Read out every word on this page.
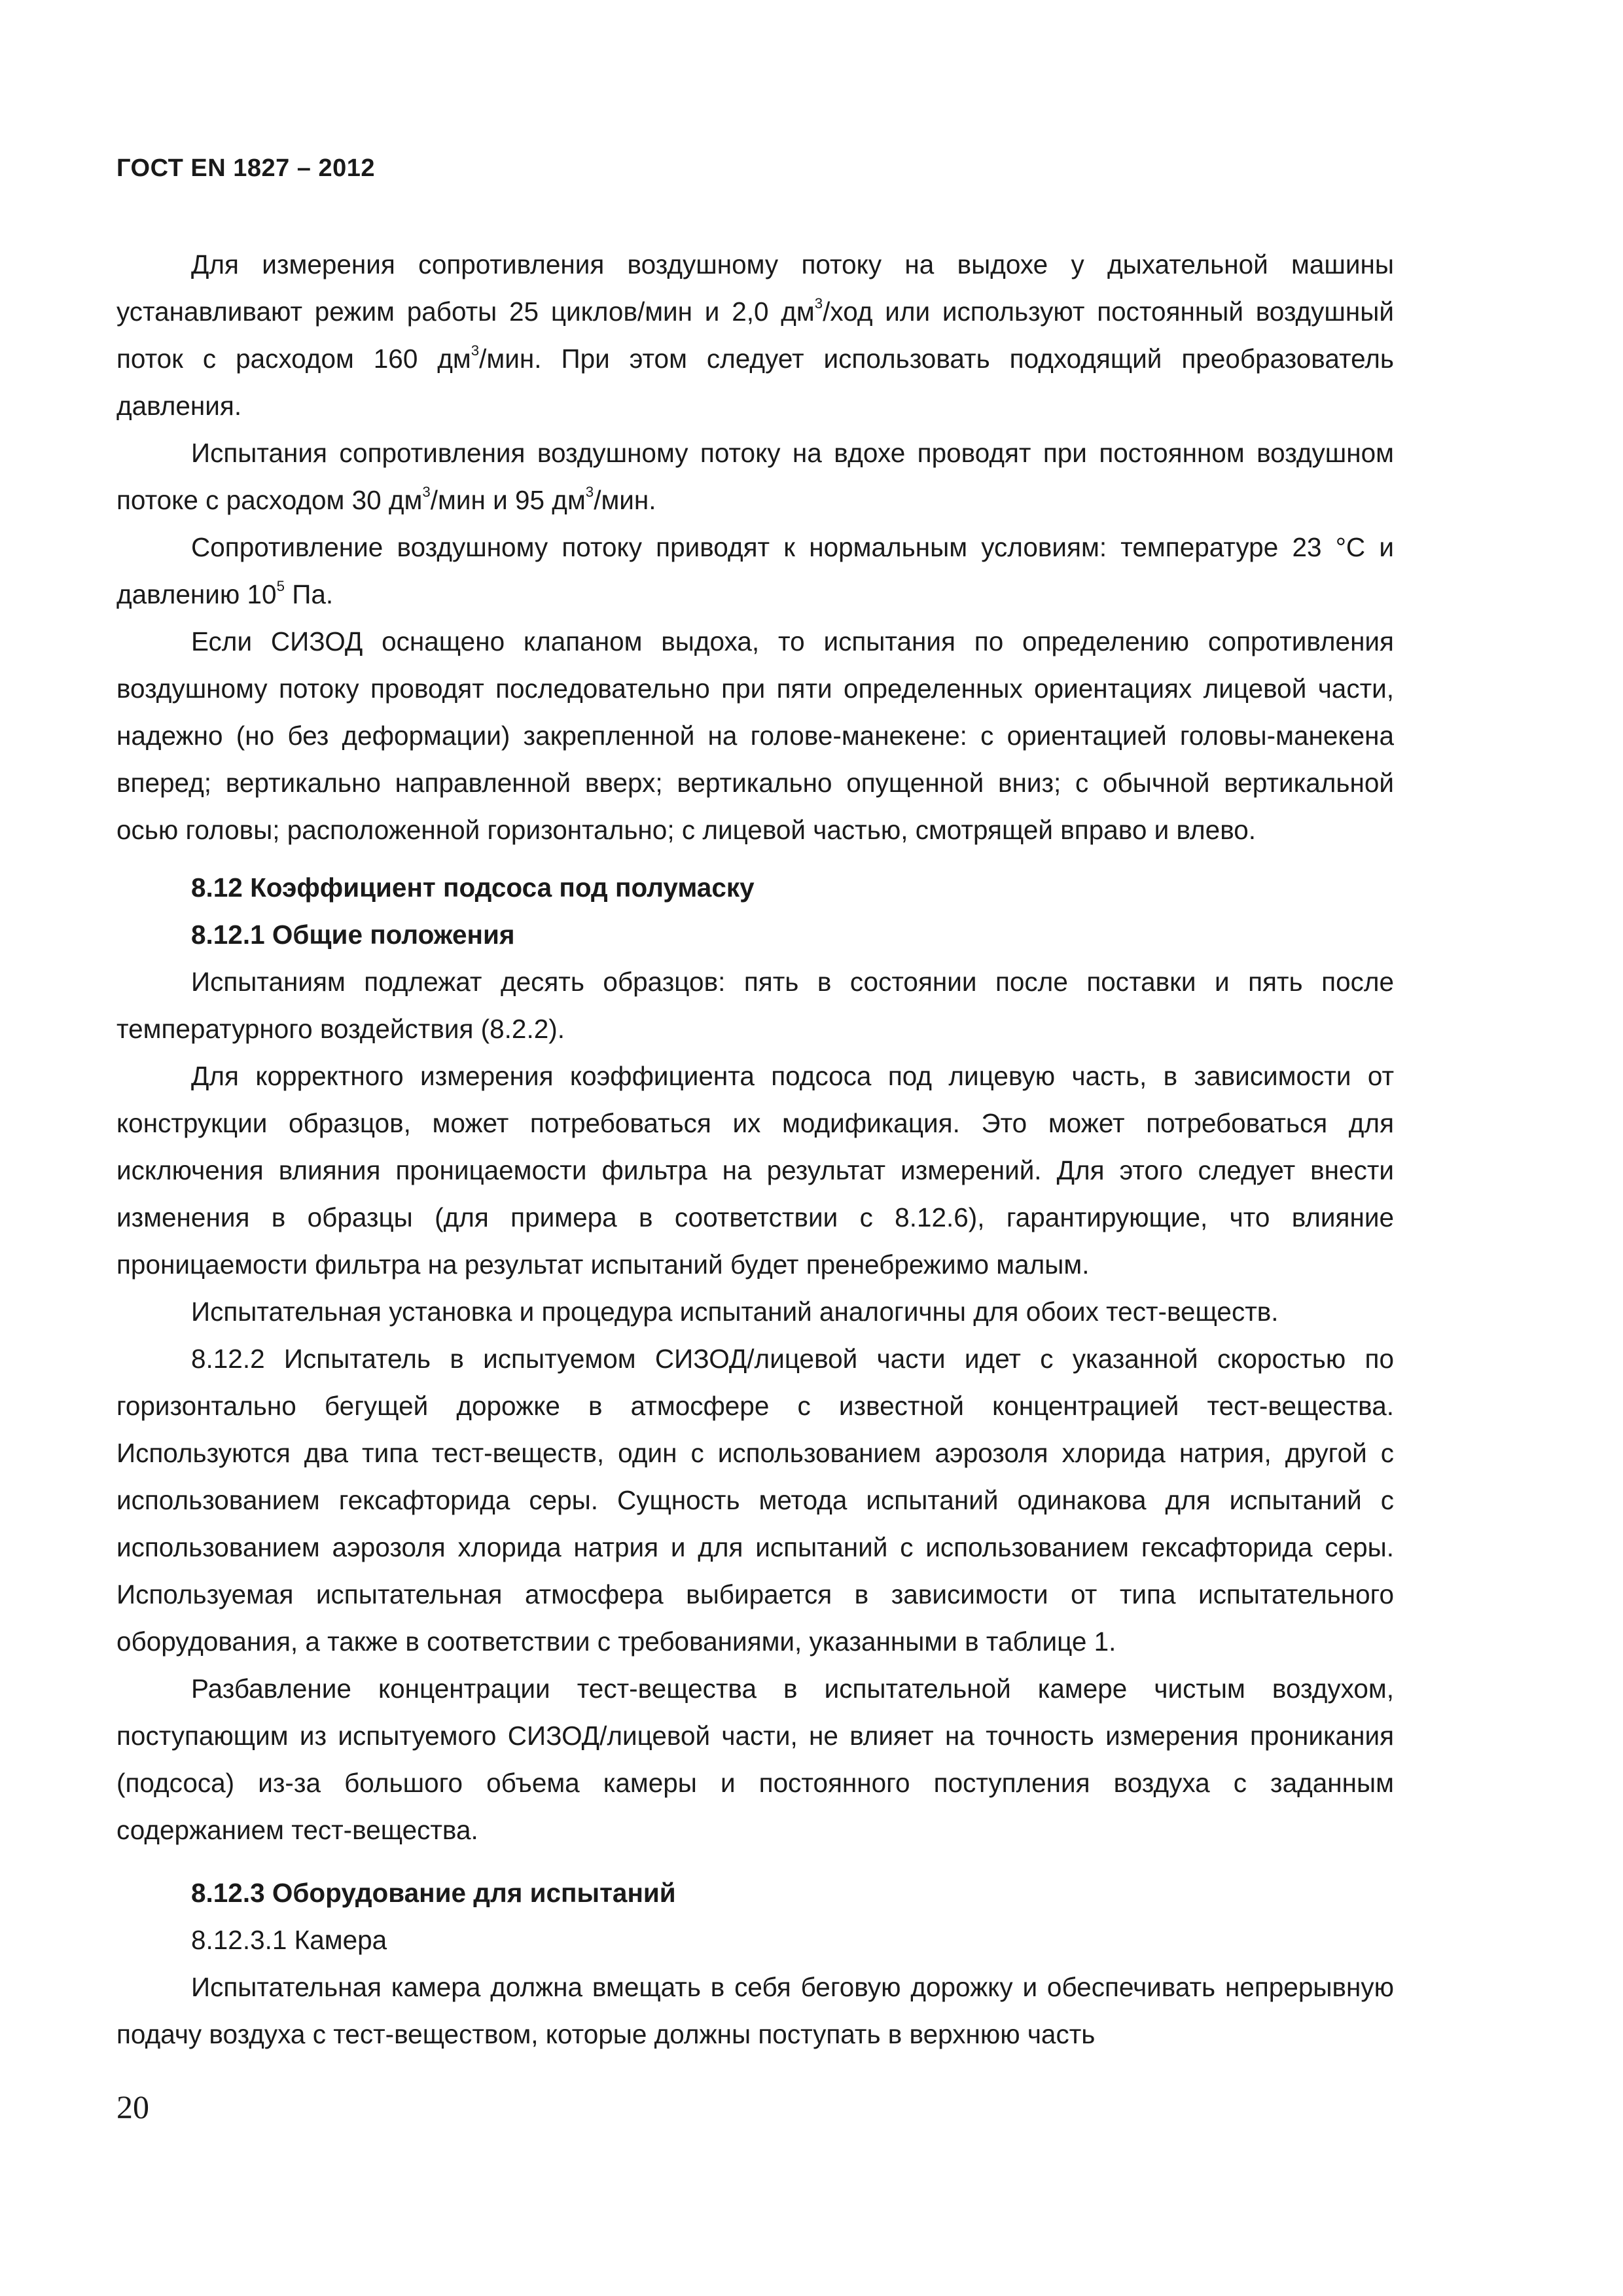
ГОСТ EN 1827 – 2012

Для измерения сопротивления воздушному потоку на выдохе у дыхательной машины устанавливают режим работы 25 циклов/мин и 2,0 $дм^3$/ход или используют постоянный воздушный поток с расходом 160 $дм^3$/мин. При этом следует использовать подходящий преобразователь давления.

Испытания сопротивления воздушному потоку на вдохе проводят при постоянном воздушном потоке с расходом 30 $дм^3$/мин и 95 $дм^3$/мин.

Сопротивление воздушному потоку приводят к нормальным условиям: температуре 23 °С и давлению $10^5$ Па.

Если СИЗОД оснащено клапаном выдоха, то испытания по определению сопротивления воздушному потоку проводят последовательно при пяти определенных ориентациях лицевой части, надежно (но без деформации) закрепленной на голове-манекене: с ориентацией головы-манекена вперед; вертикально направленной вверх; вертикально опущенной вниз; с обычной вертикальной осью головы; расположенной горизонтально; с лицевой частью, смотрящей вправо и влево.

8.12 Коэффициент подсоса под полумаску

8.12.1 Общие положения

Испытаниям подлежат десять образцов: пять в состоянии после поставки и пять после температурного воздействия (8.2.2).

Для корректного измерения коэффициента подсоса под лицевую часть, в зависимости от конструкции образцов, может потребоваться их модификация. Это может потребоваться для исключения влияния проницаемости фильтра на результат измерений. Для этого следует внести изменения в образцы (для примера в соответствии с 8.12.6), гарантирующие, что влияние проницаемости фильтра на результат испытаний будет пренебрежимо малым.

Испытательная установка и процедура испытаний аналогичны для обоих тест-веществ.

8.12.2 Испытатель в испытуемом СИЗОД/лицевой части идет с указанной скоростью по горизонтально бегущей дорожке в атмосфере с известной концентрацией тест-вещества. Используются два типа тест-веществ, один с использованием аэрозоля хлорида натрия, другой с использованием гексафторида серы. Сущность метода испытаний одинакова для испытаний с использованием аэрозоля хлорида натрия и для испытаний с использованием гексафторида серы. Используемая испытательная атмосфера выбирается в зависимости от типа испытательного оборудования, а также в соответствии с требованиями, указанными в таблице 1.

Разбавление концентрации тест-вещества в испытательной камере чистым воздухом, поступающим из испытуемого СИЗОД/лицевой части, не влияет на точность измерения проникания (подсоса) из-за большого объема камеры и постоянного поступления воздуха с заданным содержанием тест-вещества.

8.12.3 Оборудование для испытаний

8.12.3.1 Камера

Испытательная камера должна вмещать в себя беговую дорожку и обеспечивать непрерывную подачу воздуха с тест-веществом, которые должны поступать в верхнюю часть

20
